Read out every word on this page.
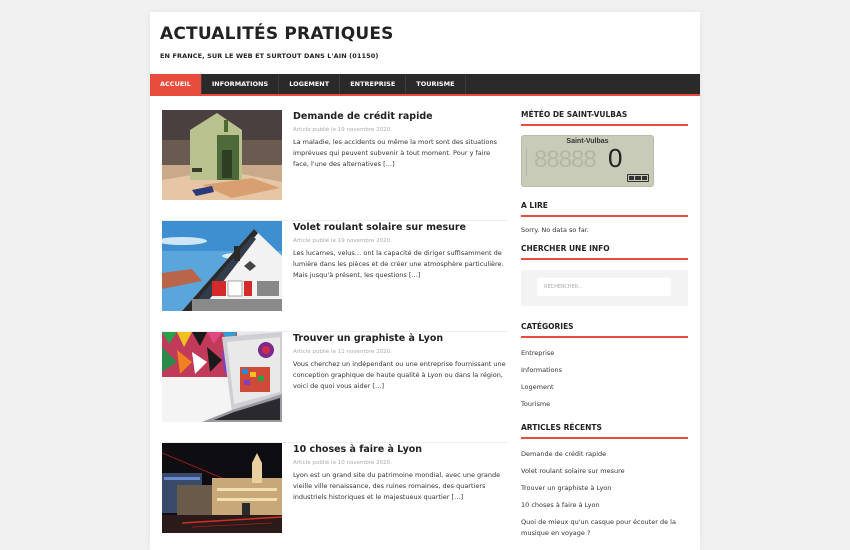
ACTUALITÉS PRATIQUES
EN FRANCE, SUR LE WEB ET SURTOUT DANS L'AIN (01150)
ACCUEIL	INFORMATIONS	LOGEMENT	ENTREPRISE	TOURISME
Demande de crédit rapide
Article publié le 19 novembre 2020.
La maladie, les accidents ou même la mort sont des situations imprévues qui peuvent subvenir à tout moment. Pour y faire face, l'une des alternatives […]
Volet roulant solaire sur mesure
Article publié le 19 novembre 2020.
Les lucarnes, velus… ont la capacité de diriger suffisamment de lumière dans les pièces et de créer une atmosphère particulière. Mais jusqu'à présent, les questions […]
Trouver un graphiste à Lyon
Article publié le 11 novembre 2020.
Vous cherchez un indépendant ou une entreprise fournissant une conception graphique de haute qualité à Lyon ou dans la région, voici de quoi vous aider […]
10 choses à faire à Lyon
Article publié le 10 novembre 2020.
Lyon est un grand site du patrimoine mondial, avec une grande vieille ville renaissance, des ruines romaines, des quartiers industriels historiques et le majestueux quartier […]
MÉTÉO DE SAINT-VULBAS
Saint-Vulbas
88888 0
A LIRE
Sorry. No data so far.
CHERCHER UNE INFO
RECHERCHER...
CATÉGORIES
Entreprise
Informations
Logement
Tourisme
ARTICLES RÉCENTS
Demande de crédit rapide
Volet roulant solaire sur mesure
Trouver un graphiste à Lyon
10 choses à faire à Lyon
Quoi de mieux qu'un casque pour écouter de la musique en voyage ?
